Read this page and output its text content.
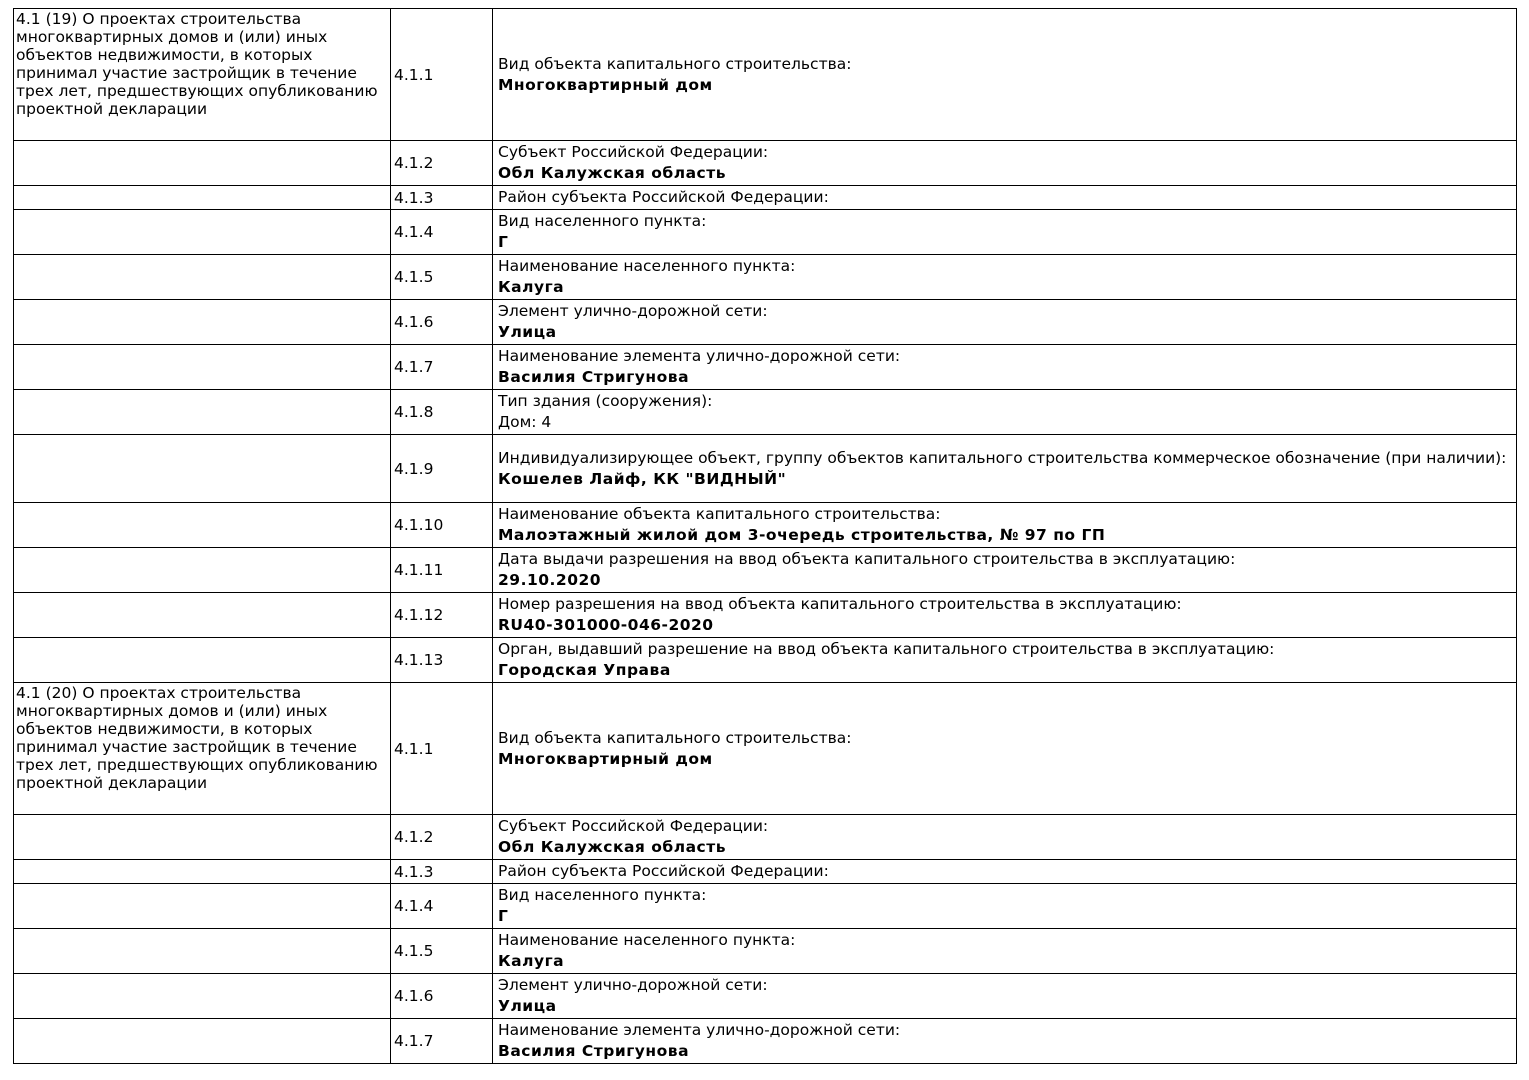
4.1 (19) О проектах строительства многоквартирных домов и (или) иных объектов недвижимости, в которых принимал участие застройщик в течение трех лет, предшествующих опубликованию проектной декларации	4.1.1	Вид объекта капитального строительства:
Многоквартирный дом

	4.1.2	Субъект Российской Федерации:
Обл Калужская область

	4.1.3	Район субъекта Российской Федерации:

	4.1.4	Вид населенного пункта:
Г

	4.1.5	Наименование населенного пункта:
Калуга

	4.1.6	Элемент улично-дорожной сети:
Улица

	4.1.7	Наименование элемента улично-дорожной сети:
Василия Стригунова

	4.1.8	Тип здания (сооружения):
Дом: 4

	4.1.9	Индивидуализирующее объект, группу объектов капитального строительства коммерческое обозначение (при наличии):
Кошелев Лайф, КК "ВИДНЫЙ"

	4.1.10	Наименование объекта капитального строительства:
Малоэтажный жилой дом 3-очередь строительства, № 97 по ГП

	4.1.11	Дата выдачи разрешения на ввод объекта капитального строительства в эксплуатацию:
29.10.2020

	4.1.12	Номер разрешения на ввод объекта капитального строительства в эксплуатацию:
RU40-301000-046-2020

	4.1.13	Орган, выдавший разрешение на ввод объекта капитального строительства в эксплуатацию:
Городская Управа

4.1 (20) О проектах строительства многоквартирных домов и (или) иных объектов недвижимости, в которых принимал участие застройщик в течение трех лет, предшествующих опубликованию проектной декларации	4.1.1	Вид объекта капитального строительства:
Многоквартирный дом

	4.1.2	Субъект Российской Федерации:
Обл Калужская область

	4.1.3	Район субъекта Российской Федерации:

	4.1.4	Вид населенного пункта:
Г

	4.1.5	Наименование населенного пункта:
Калуга

	4.1.6	Элемент улично-дорожной сети:
Улица

	4.1.7	Наименование элемента улично-дорожной сети:
Василия Стригунова
